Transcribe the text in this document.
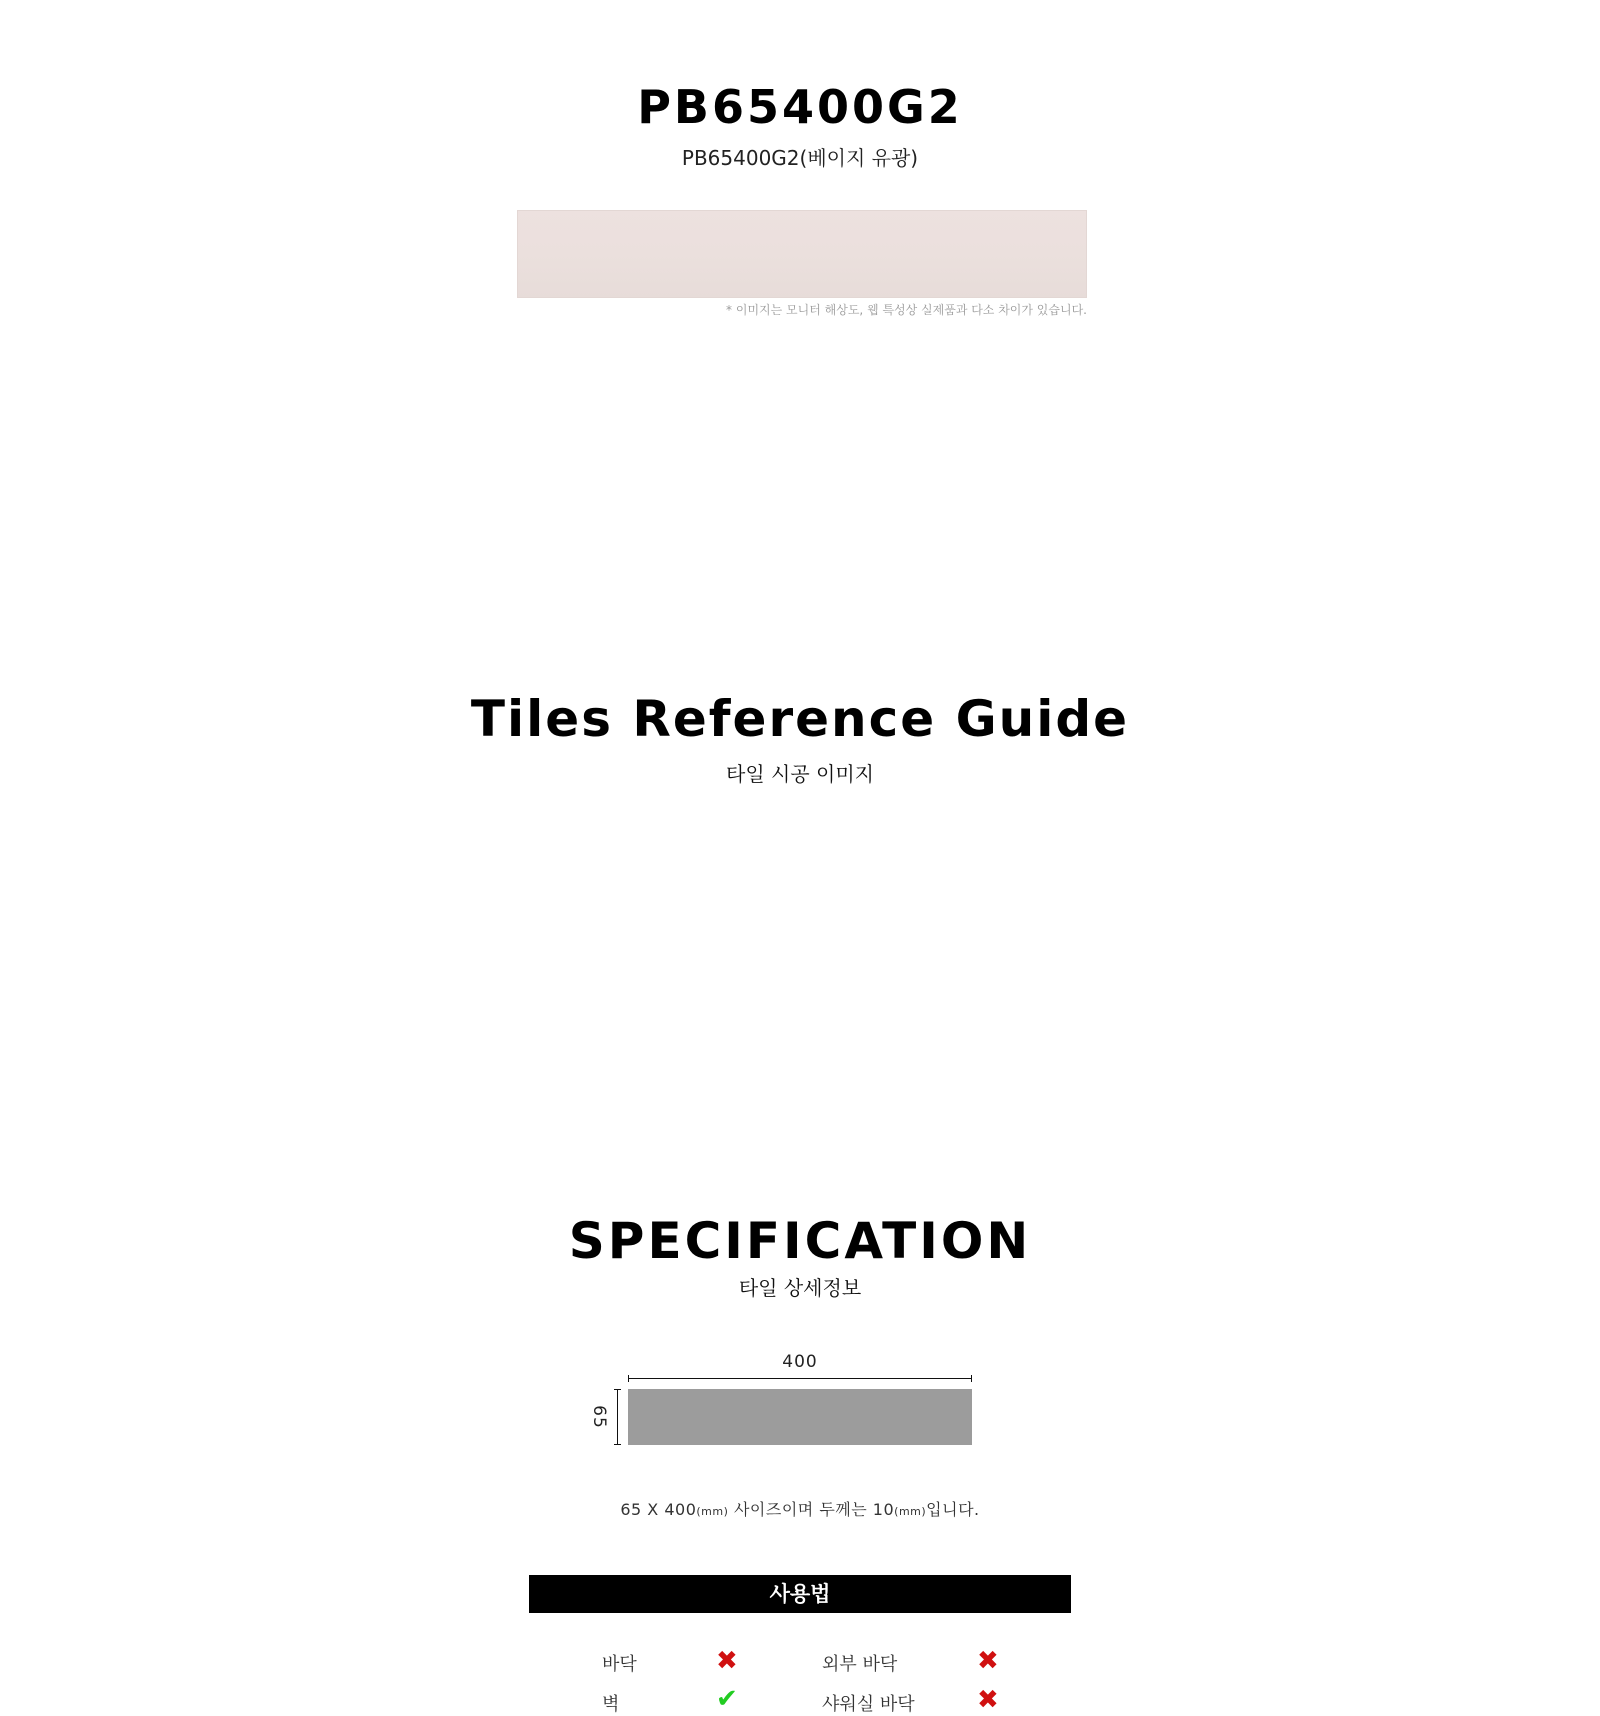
PB65400G2
PB65400G2(베이지 유광)
* 이미지는 모니터 해상도, 웹 특성상 실제품과 다소 차이가 있습니다.
Tiles Reference Guide
타일 시공 이미지
SPECIFICATION
타일 상세정보
400
65
65 X 400(mm) 사이즈이며 두께는 10(mm)입니다.
사용법
바닥	✖	외부 바닥	✖
벽	✔	샤워실 바닥 ✖
